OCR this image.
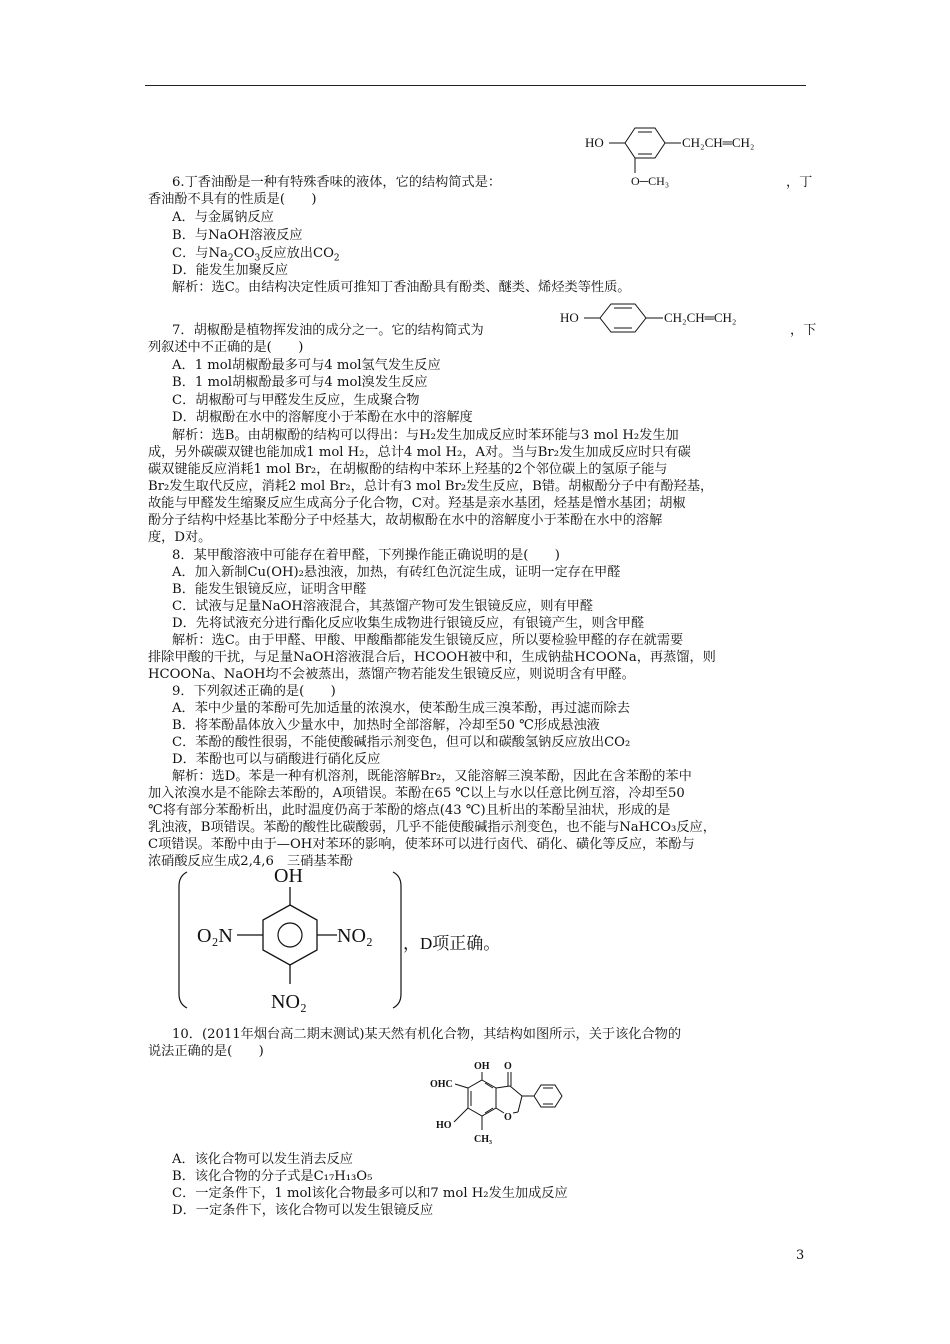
HO	CH₂CH═CH₂
O─CH₃
6.丁香油酚是一种有特殊香味的液体，它的结构简式是：	，丁
香油酚不具有的性质是(　　)
A．与金属钠反应
B．与NaOH溶液反应
C．与$Na_2CO_3$反应放出$CO_2$
D．能发生加聚反应
解析：选C。由结构决定性质可推知丁香油酚具有酚类、醚类、烯烃类等性质。
HO	CH₂CH═CH₂
7．胡椒酚是植物挥发油的成分之一。它的结构简式为	，下
列叙述中不正确的是(　　)
A．1 mol胡椒酚最多可与4 mol氢气发生反应
B．1 mol胡椒酚最多可与4 mol溴发生反应
C．胡椒酚可与甲醛发生反应，生成聚合物
D．胡椒酚在水中的溶解度小于苯酚在水中的溶解度
解析：选B。由胡椒酚的结构可以得出：与H₂发生加成反应时苯环能与3 mol H₂发生加
成，另外碳碳双键也能加成1 mol H₂，总计4 mol H₂，A对。当与Br₂发生加成反应时只有碳
碳双键能反应消耗1 mol Br₂，在胡椒酚的结构中苯环上羟基的2个邻位碳上的氢原子能与
Br₂发生取代反应，消耗2 mol Br₂，总计有3 mol Br₂发生反应，B错。胡椒酚分子中有酚羟基，
故能与甲醛发生缩聚反应生成高分子化合物，C对。羟基是亲水基团，烃基是憎水基团；胡椒
酚分子结构中烃基比苯酚分子中烃基大，故胡椒酚在水中的溶解度小于苯酚在水中的溶解
度，D对。
8．某甲酸溶液中可能存在着甲醛，下列操作能正确说明的是(　　)
A．加入新制Cu(OH)₂悬浊液，加热，有砖红色沉淀生成，证明一定存在甲醛
B．能发生银镜反应，证明含甲醛
C．试液与足量NaOH溶液混合，其蒸馏产物可发生银镜反应，则有甲醛
D．先将试液充分进行酯化反应收集生成物进行银镜反应，有银镜产生，则含甲醛
解析：选C。由于甲醛、甲酸、甲酸酯都能发生银镜反应，所以要检验甲醛的存在就需要
排除甲酸的干扰，与足量NaOH溶液混合后，HCOOH被中和，生成钠盐HCOONa，再蒸馏，则
HCOONa、NaOH均不会被蒸出，蒸馏产物若能发生银镜反应，则说明含有甲醛。
9．下列叙述正确的是(　　)
A．苯中少量的苯酚可先加适量的浓溴水，使苯酚生成三溴苯酚，再过滤而除去
B．将苯酚晶体放入少量水中，加热时全部溶解，冷却至50 ℃形成悬浊液
C．苯酚的酸性很弱，不能使酸碱指示剂变色，但可以和碳酸氢钠反应放出CO₂
D．苯酚也可以与硝酸进行硝化反应
解析：选D。苯是一种有机溶剂，既能溶解Br₂，又能溶解三溴苯酚，因此在含苯酚的苯中
加入浓溴水是不能除去苯酚的，A项错误。苯酚在65 ℃以上与水以任意比例互溶，冷却至50
℃将有部分苯酚析出，此时温度仍高于苯酚的熔点(43 ℃)且析出的苯酚呈油状，形成的是
乳浊液，B项错误。苯酚的酸性比碳酸弱，几乎不能使酸碱指示剂变色，也不能与NaHCO₃反应，
C项错误。苯酚中由于—OH对苯环的影响，使苯环可以进行卤代、硝化、磺化等反应，苯酚与
浓硝酸反应生成2,4,6　三硝基苯酚
OH
O₂N	NO₂
NO₂
，D项正确。
10．(2011年烟台高二期末测试)某天然有机化合物，其结构如图所示，关于该化合物的
说法正确的是(　　)
OH O
O
OHC
HO
CH₃
A．该化合物可以发生消去反应
B．该化合物的分子式是C₁₇H₁₃O₅
C．一定条件下，1 mol该化合物最多可以和7 mol H₂发生加成反应
D．一定条件下，该化合物可以发生银镜反应
3
